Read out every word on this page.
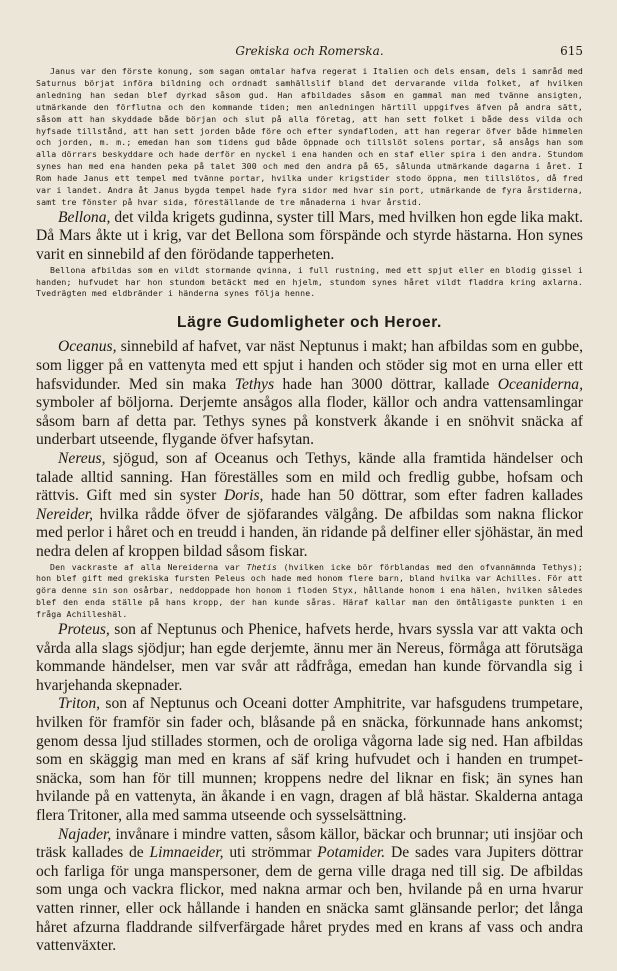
Grekiska och Romerska.	615

Janus var den förste konung, som sagan omtalar hafva regerat i Italien och dels ensam, dels i samråd med Saturnus börjat införa bildning och ordnadt samhällslif bland det dervarande vilda folket, af hvilken anledning han sedan blef dyrkad såsom gud. Han afbildades såsom en gammal man med tvänne ansigten, utmärkande den förflutna och den kommande tiden; men anledningen härtill uppgifves äfven på andra sätt, såsom att han skyddade både början och slut på alla företag, att han sett folket i både dess vilda och hyfsade tillstånd, att han sett jorden både före och efter syndafloden, att han regerar öfver både himmelen och jorden, m. m.; emedan han som tidens gud både öppnade och tillslöt solens portar, så ansågs han som alla dörrars beskyddare och hade derför en nyckel i ena handen och en staf eller spira i den andra. Stundom synes han med ena handen peka på talet 300 och med den andra på 65, sålunda utmärkande dagarna i året. I Rom hade Janus ett tempel med tvänne portar, hvilka under krigstider stodo öppna, men tillslötos, då fred var i landet. Andra åt Janus bygda tempel hade fyra sidor med hvar sin port, utmärkande de fyra årstiderna, samt tre fönster på hvar sida, föreställande de tre månaderna i hvar årstid.

Bellona, det vilda krigets gudinna, syster till Mars, med hvilken hon egde lika makt. Då Mars åkte ut i krig, var det Bellona som förspände och styrde hästarna. Hon synes varit en sinnebild af den förödande tapperheten.

Bellona afbildas som en vildt stormande qvinna, i full rustning, med ett spjut eller en blodig gissel i handen; hufvudet har hon stundom betäckt med en hjelm, stundom synes håret vildt fladdra kring axlarna. Tvedrägten med eldbränder i händerna synes följa henne.

Lägre Gudomligheter och Heroer.

Oceanus, sinnebild af hafvet, var näst Neptunus i makt; han afbildas som en gubbe, som ligger på en vattenyta med ett spjut i handen och stöder sig mot en urna eller ett hafsvidunder. Med sin maka Tethys hade han 3000 döttrar, kallade Oceaniderna, symboler af böljorna. Derjemte ansågos alla floder, källor och andra vattensamlingar såsom barn af detta par. Tethys synes på konstverk åkande i en snöhvit snäcka af underbart utseende, flygande öfver hafsytan.

Nereus, sjögud, son af Oceanus och Tethys, kände alla framtida händelser och talade alltid sanning. Han föreställes som en mild och fredlig gubbe, hofsam och rättvis. Gift med sin syster Doris, hade han 50 döttrar, som efter fadren kallades Nereider, hvilka rådde öfver de sjöfarandes välgång. De afbildas som nakna flickor med perlor i håret och en treudd i handen, än ridande på delfiner eller sjöhästar, än med nedra delen af kroppen bildad såsom fiskar.

Den vackraste af alla Nereiderna var Thetis (hvilken icke bör förblandas med den ofvannämnda Tethys); hon blef gift med grekiska fursten Peleus och hade med honom flere barn, bland hvilka var Achilles. För att göra denne sin son osårbar, neddoppade hon honom i floden Styx, hållande honom i ena hälen, hvilken således blef den enda ställe på hans kropp, der han kunde såras. Häraf kallar man den ömtåligaste punkten i en fråga Achilleshäl.

Proteus, son af Neptunus och Phenice, hafvets herde, hvars syssla var att vakta och vårda alla slags sjödjur; han egde derjemte, ännu mer än Nereus, förmåga att förutsäga kommande händelser, men var svår att rådfråga, emedan han kunde förvandla sig i hvarjehanda skepnader.

Triton, son af Neptunus och Oceani dotter Amphitrite, var hafsgudens trumpetare, hvilken för framför sin fader och, blåsande på en snäcka, förkunnade hans ankomst; genom dessa ljud stillades stormen, och de oroliga vågorna lade sig ned. Han afbildas som en skäggig man med en krans af säf kring hufvudet och i handen en trumpet-snäcka, som han för till munnen; kroppens nedre del liknar en fisk; än synes han hvilande på en vattenyta, än åkande i en vagn, dragen af blå hästar. Skalderna antaga flera Tritoner, alla med samma utseende och sysselsättning.

Najader, invånare i mindre vatten, såsom källor, bäckar och brunnar; uti insjöar och träsk kallades de Limnaeider, uti strömmar Potamider. De sades vara Jupiters döttrar och farliga för unga manspersoner, dem de gerna ville draga ned till sig. De afbildas som unga och vackra flickor, med nakna armar och ben, hvilande på en urna hvarur vatten rinner, eller ock hållande i handen en snäcka samt glänsande perlor; det långa håret afzurna fladdrande silfverfärgade håret prydes med en krans af vass och andra vattenväxter.
